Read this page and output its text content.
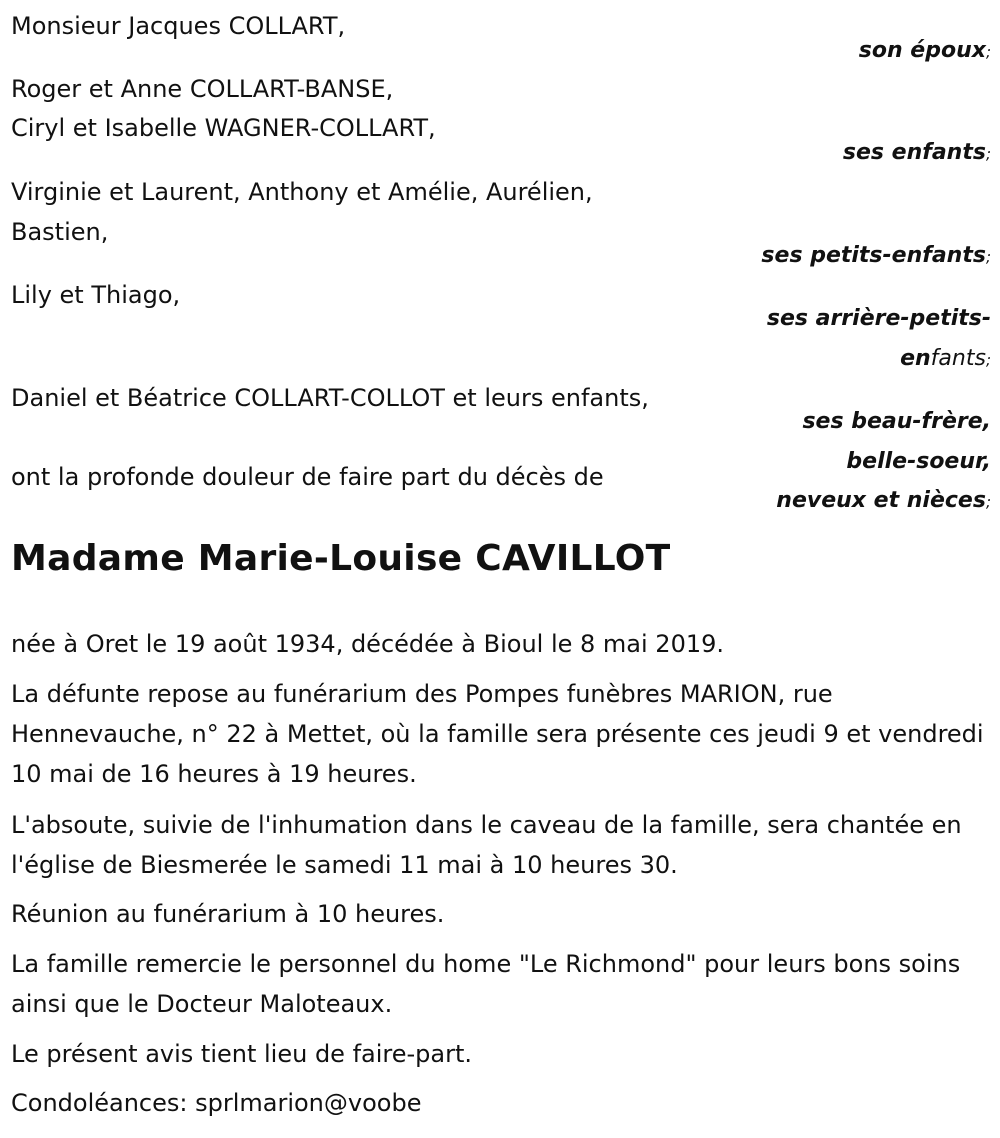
Monsieur Jacques COLLART,
son époux;
Roger et Anne COLLART-BANSE,
Ciryl et Isabelle WAGNER-COLLART,
ses enfants;
Virginie et Laurent, Anthony et Amélie, Aurélien,
Bastien,
ses petits-enfants;
Lily et Thiago,
ses arrière-petits-
enfants;
Daniel et Béatrice COLLART-COLLOT et leurs enfants,
ses beau-frère,
belle-soeur,
neveux et nièces;
ont la profonde douleur de faire part du décès de
Madame Marie-Louise CAVILLOT
née à Oret le 19 août 1934, décédée à Bioul le 8 mai 2019.
La défunte repose au funérarium des Pompes funèbres MARION, rue Hennevauche, n° 22 à Mettet, où la famille sera présente ces jeudi 9 et vendredi 10 mai de 16 heures à 19 heures.
L'absoute, suivie de l'inhumation dans le caveau de la famille, sera chantée en l'église de Biesmerée le samedi 11 mai à 10 heures 30.
Réunion au funérarium à 10 heures.
La famille remercie le personnel du home "Le Richmond" pour leurs bons soins ainsi que le Docteur Maloteaux.
Le présent avis tient lieu de faire-part.
Condoléances: sprlmarion@voobe
